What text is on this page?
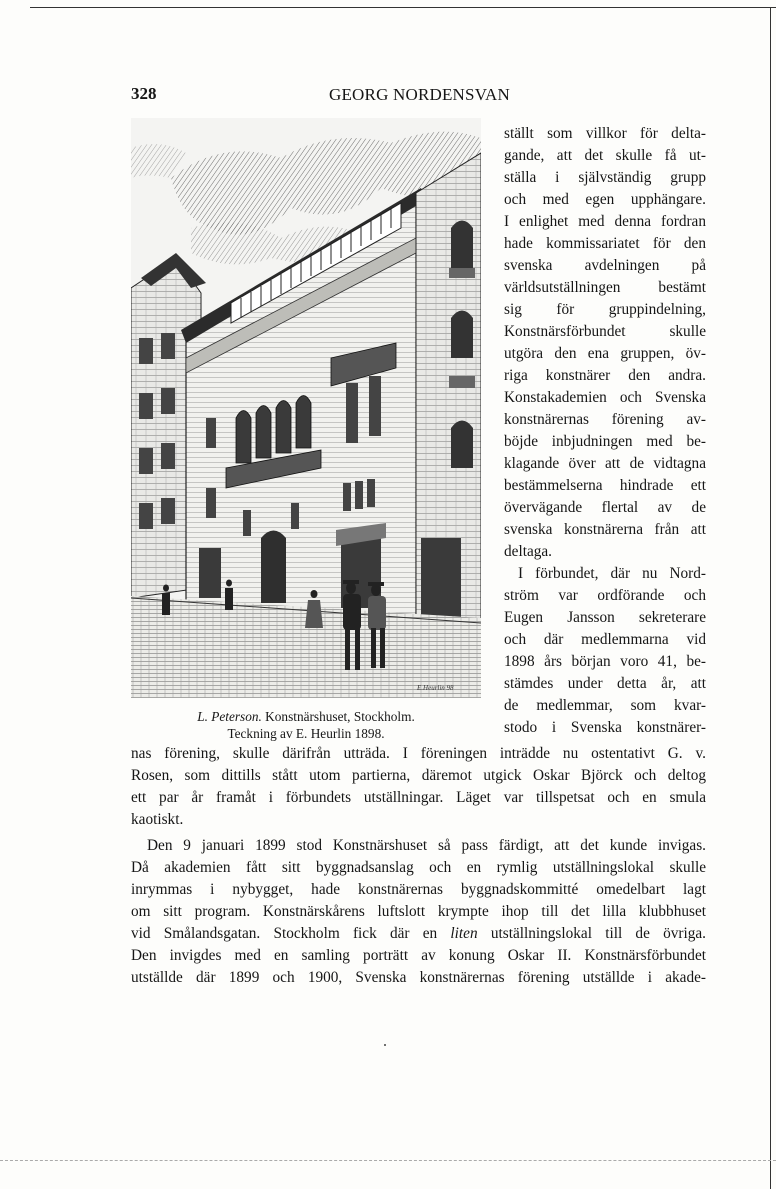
328	GEORG NORDENSVAN
E.Heurlin 98
L. Peterson. Konstnärshuset, Stockholm.
Teckning av E. Heurlin 1898.
ställt som villkor för delta-
gande, att det skulle få ut-
ställa i självständig grupp
och med egen upphängare.
I enlighet med denna fordran
hade kommissariatet för den
svenska avdelningen på
världsutställningen bestämt
sig för gruppindelning,
Konstnärsförbundet skulle
utgöra den ena gruppen, öv-
riga konstnärer den andra.
Konstakademien och Svenska
konstnärernas förening av-
böjde inbjudningen med be-
klagande över att de vidtagna
bestämmelserna hindrade ett
övervägande flertal av de
svenska konstnärerna från att
deltaga.
I förbundet, där nu Nord-
ström var ordförande och
Eugen Jansson sekreterare
och där medlemmarna vid
1898 års början voro 41, be-
stämdes under detta år, att
de medlemmar, som kvar-
stodo i Svenska konstnärer-
nas förening, skulle därifrån utträda. I föreningen inträdde nu ostentativt G. v.
Rosen, som dittills stått utom partierna, däremot utgick Oskar Björck och deltog
ett par år framåt i förbundets utställningar. Läget var tillspetsat och en smula
kaotiskt.
Den 9 januari 1899 stod Konstnärshuset så pass färdigt, att det kunde invigas.
Då akademien fått sitt byggnadsanslag och en rymlig utställningslokal skulle
inrymmas i nybygget, hade konstnärernas byggnadskommitté omedelbart lagt
om sitt program. Konstnärskårens luftslott krympte ihop till det lilla klubbhuset
vid Smålandsgatan. Stockholm fick där en liten utställningslokal till de övriga.
Den invigdes med en samling porträtt av konung Oskar II. Konstnärsförbundet
utställde där 1899 och 1900, Svenska konstnärernas förening utställde i akade-
